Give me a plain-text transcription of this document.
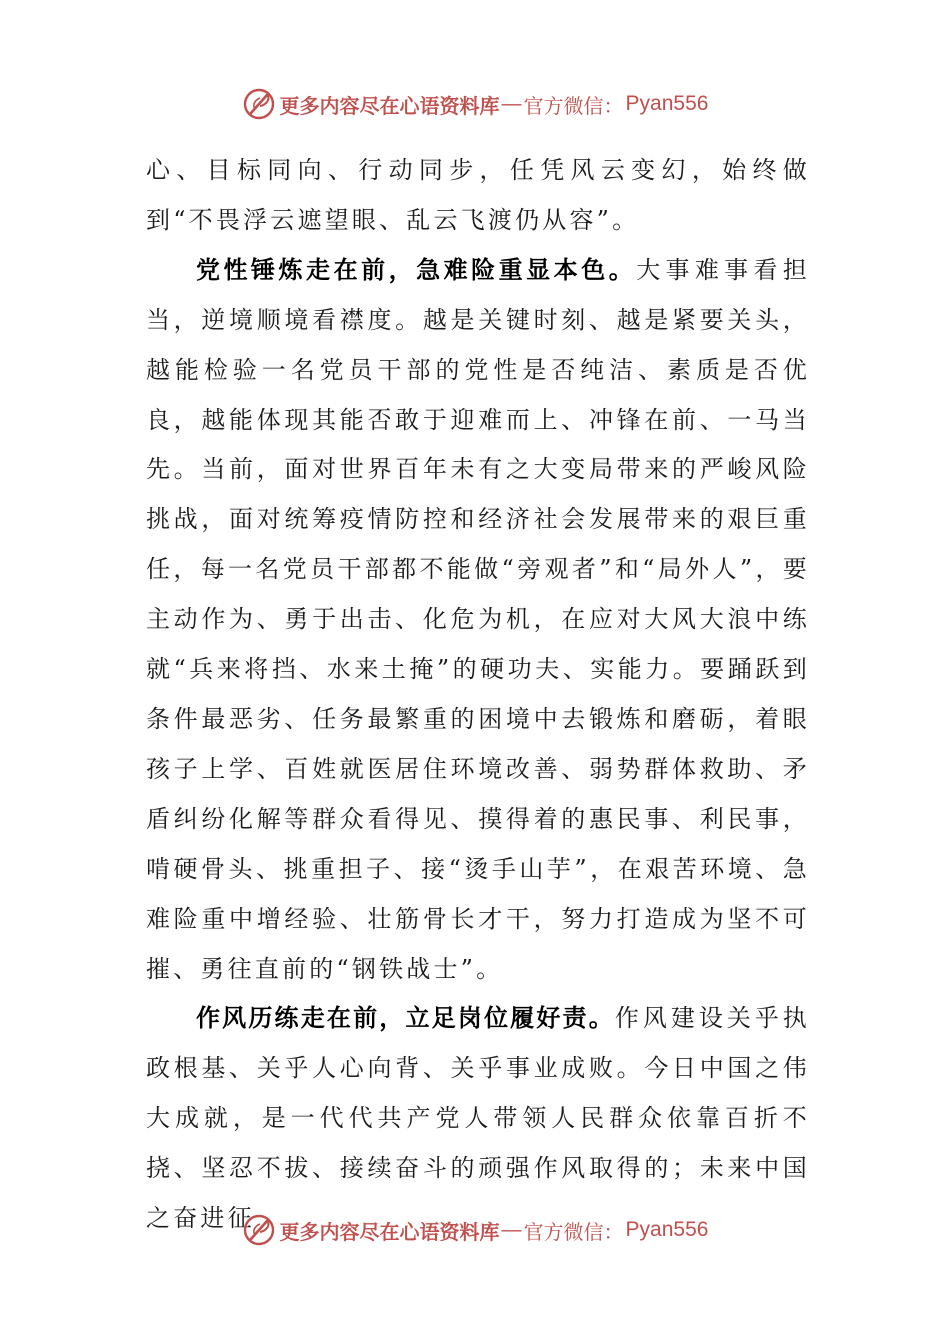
更多内容尽在心语资料库 — 官方微信： Pyan556

心、目标同向、行动同步，任凭风云变幻，始终做到“不畏浮云遮望眼、乱云飞渡仍从容”。

党性锤炼走在前，急难险重显本色。大事难事看担当，逆境顺境看襟度。越是关键时刻、越是紧要关头，越能检验一名党员干部的党性是否纯洁、素质是否优良，越能体现其能否敢于迎难而上、冲锋在前、一马当先。当前，面对世界百年未有之大变局带来的严峻风险挑战，面对统筹疫情防控和经济社会发展带来的艰巨重任，每一名党员干部都不能做“旁观者”和“局外人”，要主动作为、勇于出击、化危为机，在应对大风大浪中练就“兵来将挡、水来土掩”的硬功夫、实能力。要踊跃到条件最恶劣、任务最繁重的困境中去锻炼和磨砺，着眼孩子上学、百姓就医居住环境改善、弱势群体救助、矛盾纠纷化解等群众看得见、摸得着的惠民事、利民事，啃硬骨头、挑重担子、接“烫手山芋”，在艰苦环境、急难险重中增经验、壮筋骨长才干，努力打造成为坚不可摧、勇往直前的“钢铁战士”。

作风历练走在前，立足岗位履好责。作风建设关乎执政根基、关乎人心向背、关乎事业成败。今日中国之伟大成就，是一代代共产党人带领人民群众依靠百折不挠、坚忍不拔、接续奋斗的顽强作风取得的；未来中国之奋进征	更多内容尽在心语资料库 — 官方微信： Pyan556
